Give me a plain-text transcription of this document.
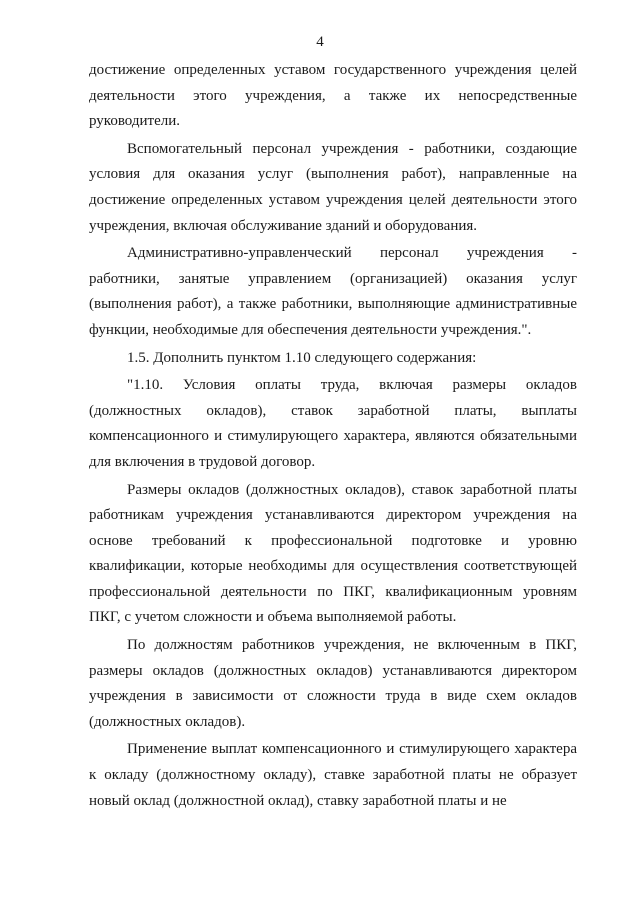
4

достижение определенных уставом государственного учреждения целей деятельности этого учреждения, а также их непосредственные руководители.

Вспомогательный персонал учреждения - работники, создающие условия для оказания услуг (выполнения работ), направленные на достижение определенных уставом учреждения целей деятельности этого учреждения, включая обслуживание зданий и оборудования.

Административно-управленческий персонал учреждения - работники, занятые управлением (организацией) оказания услуг (выполнения работ), а также работники, выполняющие административные функции, необходимые для обеспечения деятельности учреждения.".

1.5. Дополнить пунктом 1.10 следующего содержания:

"1.10. Условия оплаты труда, включая размеры окладов (должностных окладов), ставок заработной платы, выплаты компенсационного и стимулирующего характера, являются обязательными для включения в трудовой договор.

Размеры окладов (должностных окладов), ставок заработной платы работникам учреждения устанавливаются директором учреждения на основе требований к профессиональной подготовке и уровню квалификации, которые необходимы для осуществления соответствующей профессиональной деятельности по ПКГ, квалификационным уровням ПКГ, с учетом сложности и объема выполняемой работы.

По должностям работников учреждения, не включенным в ПКГ, размеры окладов (должностных окладов) устанавливаются директором учреждения в зависимости от сложности труда в виде схем окладов (должностных окладов).

Применение выплат компенсационного и стимулирующего характера к окладу (должностному окладу), ставке заработной платы не образует новый оклад (должностной оклад), ставку заработной платы и не
